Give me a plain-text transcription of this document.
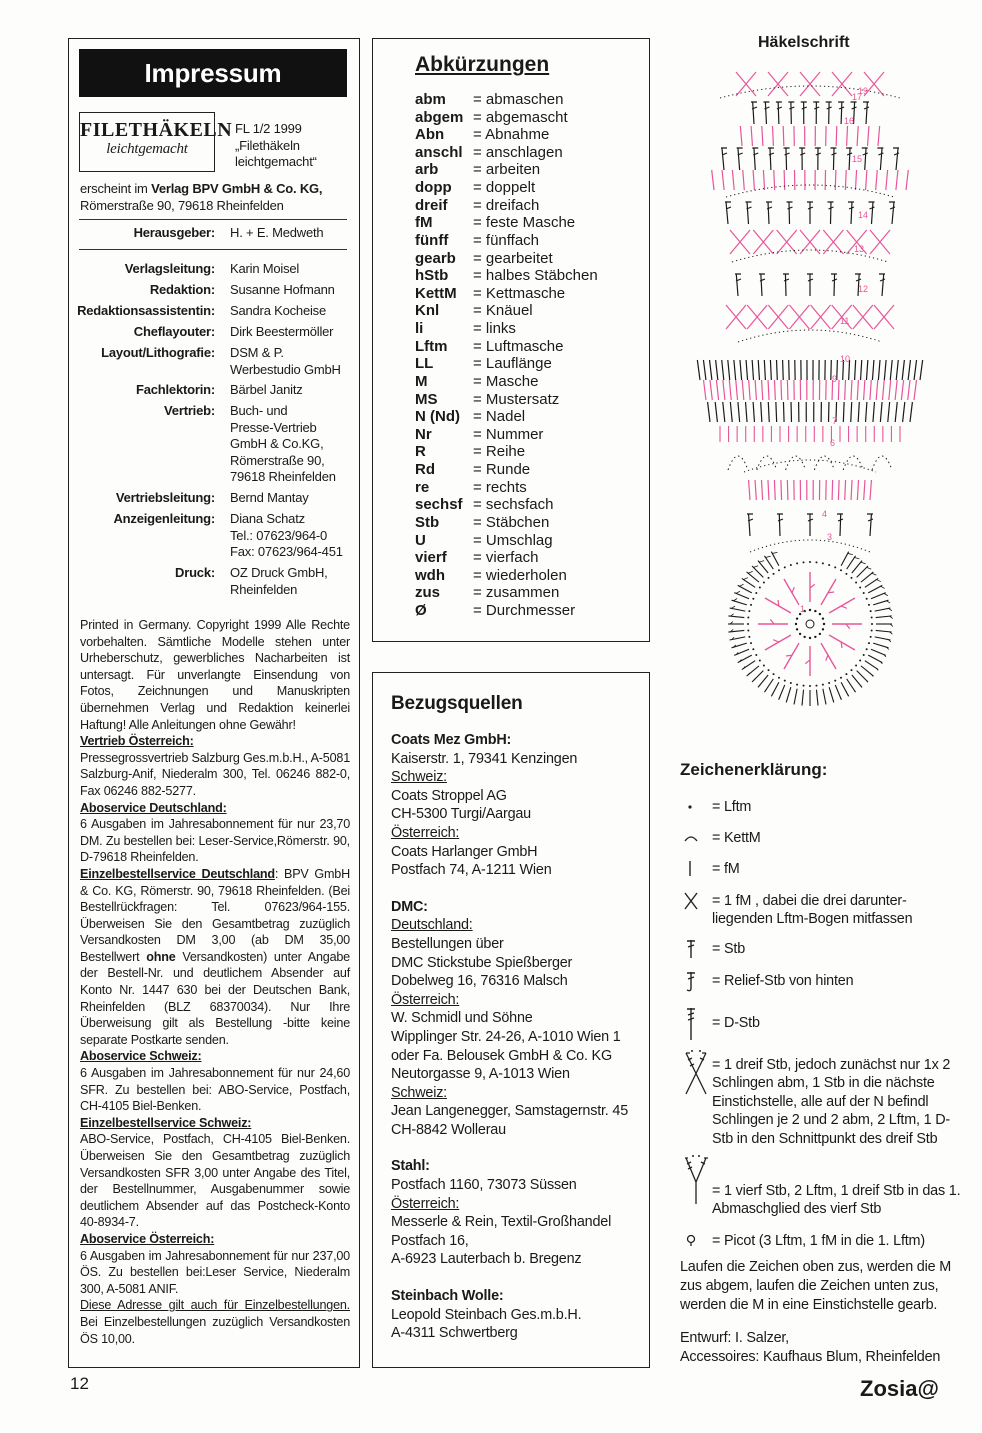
Impressum
FILETHÄKELN
leichtgemacht
FL 1/2 1999
„Filethäkeln
leichtgemacht“
erscheint im Verlag BPV GmbH & Co. KG,
Römerstraße 90, 79618 Rheinfelden
Herausgeber: H. + E. Medweth

Printed in Germany. Copyright 1999 Alle Rechte vorbehalten. Sämtliche Modelle stehen unter Urheberschutz, gewerbliches Nacharbeiten ist untersagt. Für unverlangte Einsendung von Fotos, Zeichnungen und Manuskripten übernehmen Verlag und Redaktion keinerlei Haftung! Alle Anleitungen ohne Gewähr!

Vertrieb Österreich:
Pressegrossvertrieb Salzburg Ges.m.b.H., A-5081 Salzburg-Anif, Niederalm 300, Tel. 06246 882-0, Fax 06246 882-5277.

Aboservice Deutschland:
6 Ausgaben im Jahresabonnement für nur 23,70 DM. Zu bestellen bei: Leser-Service,Römerstr. 90, D-79618 Rheinfelden.

Einzelbestellservice Deutschland: BPV GmbH & Co. KG, Römerstr. 90, 79618 Rheinfelden. (Bei Bestellrückfragen: Tel. 07623/964-155. Überweisen Sie den Gesamtbetrag zuzüglich Versandkosten DM 3,00 (ab DM 35,00 Bestellwert ohne Versandkosten) unter Angabe der Bestell-Nr. und deutlichem Absender auf Konto Nr. 1447 630 bei der Deutschen Bank, Rheinfelden (BLZ 68370034). Nur Ihre Überweisung gilt als Bestellung -bitte keine separate Postkarte senden.

Aboservice Schweiz:
6 Ausgaben im Jahresabonnement für nur 24,60 SFR. Zu bestellen bei: ABO-Service, Postfach, CH-4105 Biel-Benken.

Einzelbestellservice Schweiz:
ABO-Service, Postfach, CH-4105 Biel-Benken. Überweisen Sie den Gesamtbetrag zuzüglich Versandkosten SFR 3,00 unter Angabe des Titel, der Bestellnummer, Ausgabenummer sowie deutlichem Absender auf das Postcheck-Konto 40-8934-7.

Aboservice Österreich:
6 Ausgaben im Jahresabonnement für nur 237,00 ÖS. Zu bestellen bei:Leser Service, Niederalm 300, A-5081 ANIF.
Diese Adresse gilt auch für Einzelbestellungen. Bei Einzelbestellungen zuzüglich Versandkosten ÖS 10,00.

Verlagsleitung: Karin Moisel
Redaktion: Susanne Hofmann
Redaktionsassistentin: Sandra Kocheise
Cheflayouter: Dirk Beestermöller
Layout/Lithografie: DSM & P.
Werbestudio GmbH
Fachlektorin: Bärbel Janitz
Vertrieb: Buch- und
Presse-Vertrieb
GmbH & Co.KG,
Römerstraße 90,
79618 Rheinfelden
Vertriebsleitung: Bernd Mantay
Anzeigenleitung: Diana Schatz
Tel.: 07623/964-0
Fax: 07623/964-451
Druck: OZ Druck GmbH,
Rheinfelden
Abkürzungen
abm = abmaschen
abgem = abgemascht
Abn = Abnahme
anschl = anschlagen
arb = arbeiten
dopp = doppelt
dreif = dreifach
fM	= feste Masche
fünff = fünffach
gearb = gearbeitet
hStb = halbes Stäbchen
KettM = Kettmasche
Knl = Knäuel
li	= links
Lftm = Luftmasche
LL	= Lauflänge
M	= Masche
MS = Mustersatz
N (Nd) = Nadel
Nr	= Nummer
R	= Reihe
Rd	= Runde
re	= rechts
sechsf = sechsfach
Stb = Stäbchen
U	= Umschlag
vierf = vierfach
wdh = wiederholen
zus = zusammen
Ø	= Durchmesser
Bezugsquellen

Coats Mez GmbH:

Kaiserstr. 1, 79341 Kenzingen

Schweiz:

Coats Stroppel AG

CH-5300 Turgi/Aargau

Österreich:

Coats Harlanger GmbH

Postfach 74, A-1211 Wien

DMC:

Deutschland:

Bestellungen über

DMC Stickstube Spießberger

Dobelweg 16, 76316 Malsch

Österreich:

W. Schmidl und Söhne

Wipplinger Str. 24-26, A-1010 Wien 1

oder Fa. Belousek GmbH & Co. KG

Neutorgasse 9, A-1013 Wien

Schweiz:

Jean Langenegger, Samstagernstr. 45

CH-8842 Wollerau

Stahl:

Postfach 1160, 73073 Süssen

Österreich:

Messerle & Rein, Textil-Großhandel

Postfach 16,

A-6923 Lauterbach b. Bregenz

Steinbach Wolle:

Leopold Steinbach Ges.m.b.H.

A-4311 Schwertberg

Häkelschrift
1
3
4
6
7
9
10
11
12
13
14
15
16
17
19
Zeichenerklärung:
= Lftm
= KettM
= fM
= 1 fM , dabei die drei darunter- liegenden Lftm-Bogen mitfassen
= Stb
= Relief-Stb von hinten
= D-Stb
= 1 dreif Stb, jedoch zunächst nur 1x 2 Schlingen abm, 1 Stb in die nächste Einstichstelle, alle auf der N befindl Schlingen je 2 und 2 abm, 2 Lftm, 1 D-Stb in den Schnittpunkt des dreif Stb
= 1 vierf Stb, 2 Lftm, 1 dreif Stb in das 1. Abmaschglied des vierf Stb
= Picot (3 Lftm, 1 fM in die 1. Lftm)

Laufen die Zeichen oben zus, werden die M zus abgem, laufen die Zeichen unten zus, werden die M in eine Einstichstelle gearb.

Entwurf: I. Salzer,

Accessoires: Kaufhaus Blum, Rheinfelden

12	Zosia@
